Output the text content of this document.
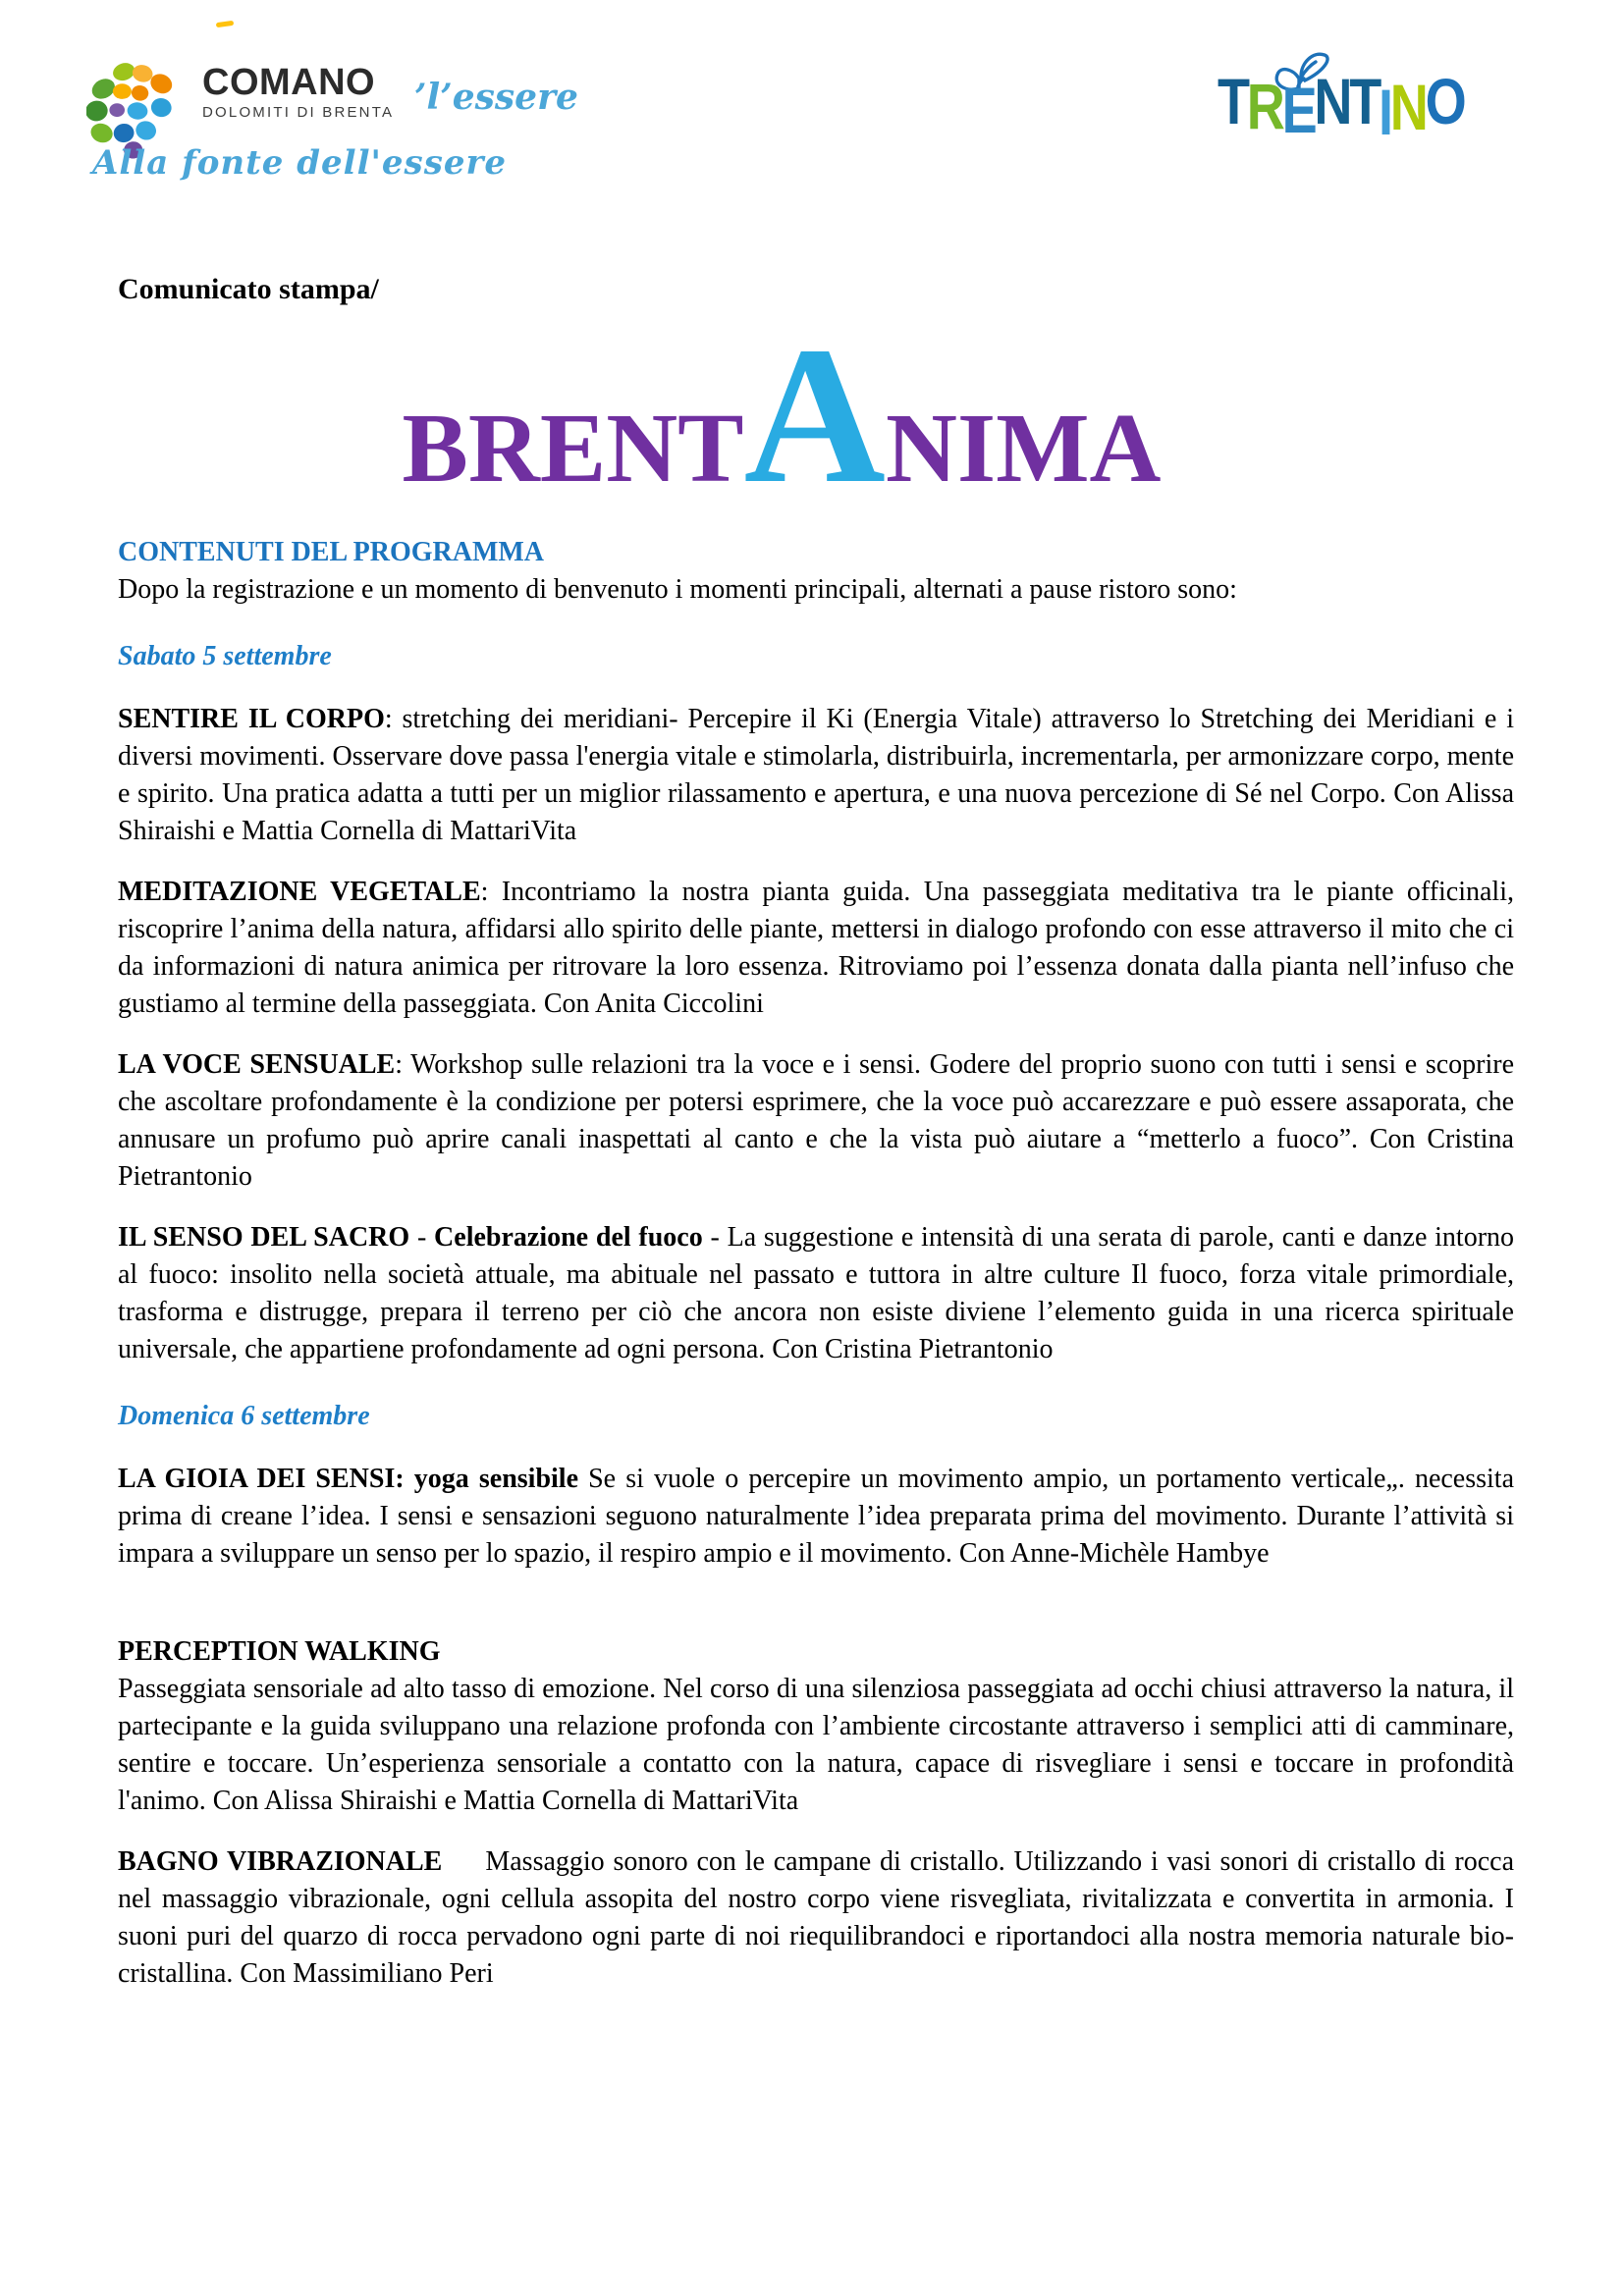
COMANO
DOLOMITI DI BRENTA
Alla fonte dell'essere
’l’essere	TRENTINO

Comunicato stampa/

BRENTANIMA

CONTENUTI DEL PROGRAMMA

Dopo la registrazione e un momento di benvenuto i momenti principali, alternati a pause ristoro sono:

Sabato 5 settembre

SENTIRE IL CORPO: stretching dei meridiani- Percepire il Ki (Energia Vitale) attraverso lo Stretching dei Meridiani e i diversi movimenti. Osservare dove passa l'energia vitale e stimolarla, distribuirla, incrementarla, per armonizzare corpo, mente e spirito. Una pratica adatta a tutti per un miglior rilassamento e apertura, e una nuova percezione di Sé nel Corpo. Con Alissa Shiraishi e Mattia Cornella di MattariVita

MEDITAZIONE VEGETALE: Incontriamo la nostra pianta guida. Una passeggiata meditativa tra le piante officinali, riscoprire l’anima della natura, affidarsi allo spirito delle piante, mettersi in dialogo profondo con esse attraverso il mito che ci da informazioni di natura animica per ritrovare la loro essenza. Ritroviamo poi l’essenza donata dalla pianta nell’infuso che gustiamo al termine della passeggiata. Con Anita Ciccolini

LA VOCE SENSUALE: Workshop sulle relazioni tra la voce e i sensi. Godere del proprio suono con tutti i sensi e scoprire che ascoltare profondamente è la condizione per potersi esprimere, che la voce può accarezzare e può essere assaporata, che annusare un profumo può aprire canali inaspettati al canto e che la vista può aiutare a “metterlo a fuoco”. Con Cristina Pietrantonio

IL SENSO DEL SACRO - Celebrazione del fuoco - La suggestione e intensità di una serata di parole, canti e danze intorno al fuoco: insolito nella società attuale, ma abituale nel passato e tuttora in altre culture Il fuoco, forza vitale primordiale, trasforma e distrugge, prepara il terreno per ciò che ancora non esiste diviene l’elemento guida in una ricerca spirituale universale, che appartiene profondamente ad ogni persona. Con Cristina Pietrantonio

Domenica 6 settembre

LA GIOIA DEI SENSI: yoga sensibile Se si vuole o percepire un movimento ampio, un portamento verticale„. necessita prima di creane l’idea. I sensi e sensazioni seguono naturalmente l’idea preparata prima del movimento. Durante l’attività si impara a sviluppare un senso per lo spazio, il respiro ampio e il movimento. Con Anne-Michèle Hambye

PERCEPTION WALKING
Passeggiata sensoriale ad alto tasso di emozione. Nel corso di una silenziosa passeggiata ad occhi chiusi attraverso la natura, il partecipante e la guida sviluppano una relazione profonda con l’ambiente circostante attraverso i semplici atti di camminare, sentire e toccare. Un’esperienza sensoriale a contatto con la natura, capace di risvegliare i sensi e toccare in profondità l'animo. Con Alissa Shiraishi e Mattia Cornella di MattariVita

BAGNO VIBRAZIONALE Massaggio sonoro con le campane di cristallo. Utilizzando i vasi sonori di cristallo di rocca nel massaggio vibrazionale, ogni cellula assopita del nostro corpo viene risvegliata, rivitalizzata e convertita in armonia. I suoni puri del quarzo di rocca pervadono ogni parte di noi riequilibrandoci e riportandoci alla nostra memoria naturale bio-cristallina. Con Massimiliano Peri
